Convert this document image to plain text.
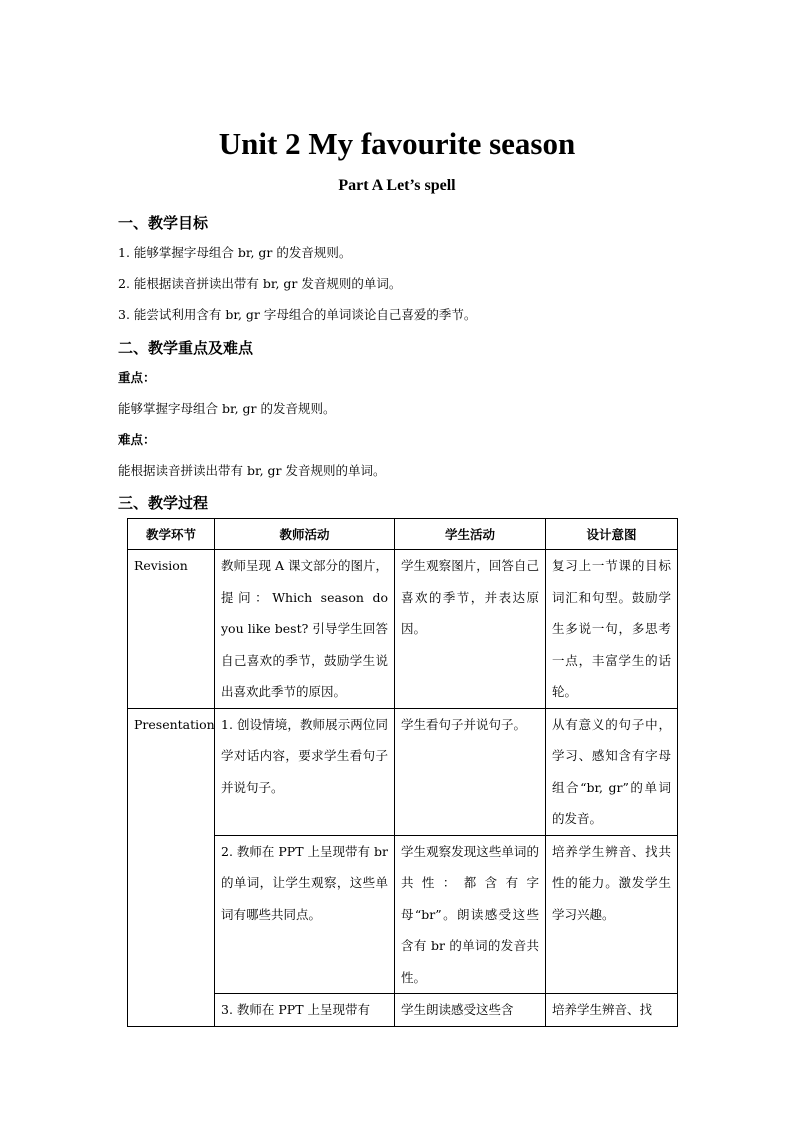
Unit 2 My favourite season
Part A Let’s spell
一、教学目标
1. 能够掌握字母组合 br, gr 的发音规则。
2. 能根据读音拼读出带有 br, gr 发音规则的单词。
3. 能尝试利用含有 br, gr 字母组合的单词谈论自己喜爱的季节。
二、教学重点及难点
重点：
能够掌握字母组合 br, gr 的发音规则。
难点：
能根据读音拼读出带有 br, gr 发音规则的单词。
三、教学过程
教学环节	教师活动	学生活动	设计意图
Revision	教师呈现 A 课文部分的图片，提问：Which season do you like best? 引导学生回答自己喜欢的季节，鼓励学生说出喜欢此季节的原因。	学生观察图片，回答自己喜欢的季节，并表达原因。	复习上一节课的目标词汇和句型。鼓励学生多说一句，多思考一点，丰富学生的话轮。
Presentation	1. 创设情境，教师展示两位同学对话内容，要求学生看句子并说句子。	学生看句子并说句子。	从有意义的句子中，学习、感知含有字母组合“br, gr”的单词的发音。
	2. 教师在 PPT 上呈现带有 br 的单词，让学生观察，这些单词有哪些共同点。	学生观察发现这些单词的共性：都含有字母“br”。朗读感受这些含有 br 的单词的发音共性。	培养学生辨音、找共性的能力。激发学生学习兴趣。
	3. 教师在 PPT 上呈现带有	学生朗读感受这些含	培养学生辨音、找
